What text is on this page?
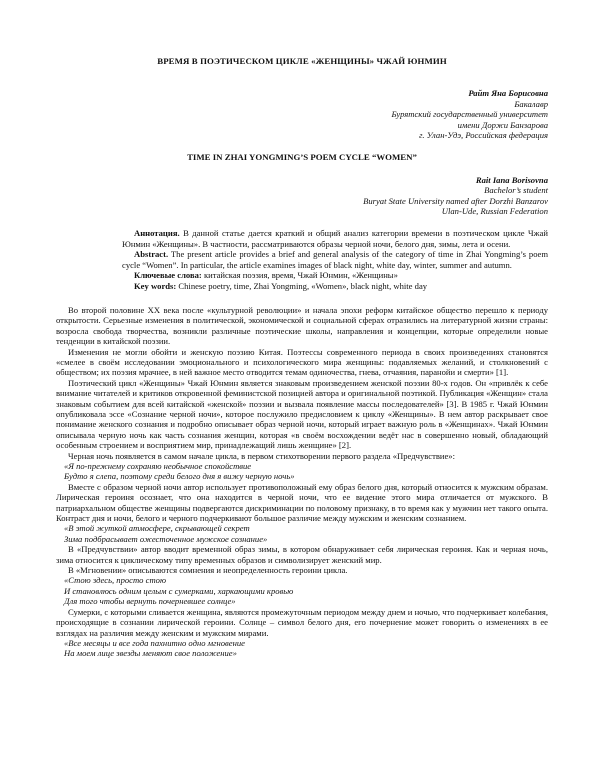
ВРЕМЯ В ПОЭТИЧЕСКОМ ЦИКЛЕ «ЖЕНЩИНЫ» ЧЖАЙ ЮНМИН
Райт Яна Борисовна
Бакалавр
Бурятский государственный университет
имени Доржи Банзарова
г. Улан-Удэ, Российская федерация
TIME IN ZHAI YONGMING’S POEM CYCLE “WOMEN”
Rait Iana Borisovna
Bachelor’s student
Buryat State University named after Dorzhi Banzarov
Ulan-Ude, Russian Federation

Аннотация. В данной статье дается краткий и общий анализ категории времени в поэтическом цикле Чжай Юнмин «Женщины». В частности, рассматриваются образы черной ночи, белого дня, зимы, лета и осени.

Abstract. The present article provides a brief and general analysis of the category of time in Zhai Yongming’s poem cycle “Women”. In particular, the article examines images of black night, white day, winter, summer and autumn.

Ключевые слова: китайская поэзия, время, Чжай Юнмин, «Женщины»

Key words: Chinese poetry, time, Zhai Yongming, «Women», black night, white day

Во второй половине XX века после «культурной революции» и начала эпохи реформ китайское общество перешло к периоду открытости. Серьезные изменения в политической, экономической и социальной сферах отразились на литературной жизни страны: возросла свобода творчества, возникли различные поэтические школы, направления и концепции, которые определили новые тенденции в китайской поэзии.

Изменения не могли обойти и женскую поэзию Китая. Поэтессы современного периода в своих произведениях становятся «смелее в своём исследовании эмоционального и психологического мира женщины: подавляемых желаний, и столкновений с обществом; их поэзия мрачнее, в ней важное место отводится темам одиночества, гнева, отчаяния, паранойи и смерти» [1].

Поэтический цикл «Женщины» Чжай Юнмин является знаковым произведением женской поэзии 80-х годов. Он «привлёк к себе внимание читателей и критиков откровенной феминистской позицией автора и оригинальной поэтикой. Публикация «Женщин» стала знаковым событием для всей китайской «женской» поэзии и вызвала появление массы последователей» [3]. В 1985 г. Чжай Юнмин опубликовала эссе «Сознание черной ночи», которое послужило предисловием к циклу «Женщины». В нем автор раскрывает свое понимание женского сознания и подробно описывает образ черной ночи, который играет важную роль в «Женщинах». Чжай Юнмин описывала черную ночь как часть сознания женщин, которая «в своём восхождении ведёт нас в совершенно новый, обладающий особенным строением и восприятием мир, принадлежащий лишь женщине» [2].

Черная ночь появляется в самом начале цикла, в первом стихотворении первого раздела «Предчувствие»:

«Я по-прежнему сохраняю необычное спокойствие

Будто я слепа, поэтому среди белого дня я вижу черную ночь»

Вместе с образом черной ночи автор использует противоположный ему образ белого дня, который относится к мужским образам. Лирическая героиня осознает, что она находится в черной ночи, что ее видение этого мира отличается от мужского. В патриархальном обществе женщины подвергаются дискриминации по половому признаку, в то время как у мужчин нет такого опыта. Контраст дня и ночи, белого и черного подчеркивают большое различие между мужским и женским сознанием.

«В этой жуткой атмосфере, скрывающей секрет

Зима подбрасывает ожесточенное мужское сознание»

В «Предчувствии» автор вводит временной образ зимы, в котором обнаруживает себя лирическая героиня. Как и черная ночь, зима относится к циклическому типу временных образов и символизирует женский мир.

В «Мгновении» описываются сомнения и неопределенность героини цикла.

«Стою здесь, просто стою

И становлюсь одним целым с сумерками, харкающими кровью

Для того чтобы вернуть почерневшее солнце»

Сумерки, с которыми сливается женщина, являются промежуточным периодом между днем и ночью, что подчеркивает колебания, происходящие в сознании лирической героини. Солнце – символ белого дня, его почернение может говорить о изменениях в ее взглядах на различия между женским и мужским мирами.

«Все месяцы и все года пахнитно одно мгновение

На моем лице звезды меняют свое положение»
